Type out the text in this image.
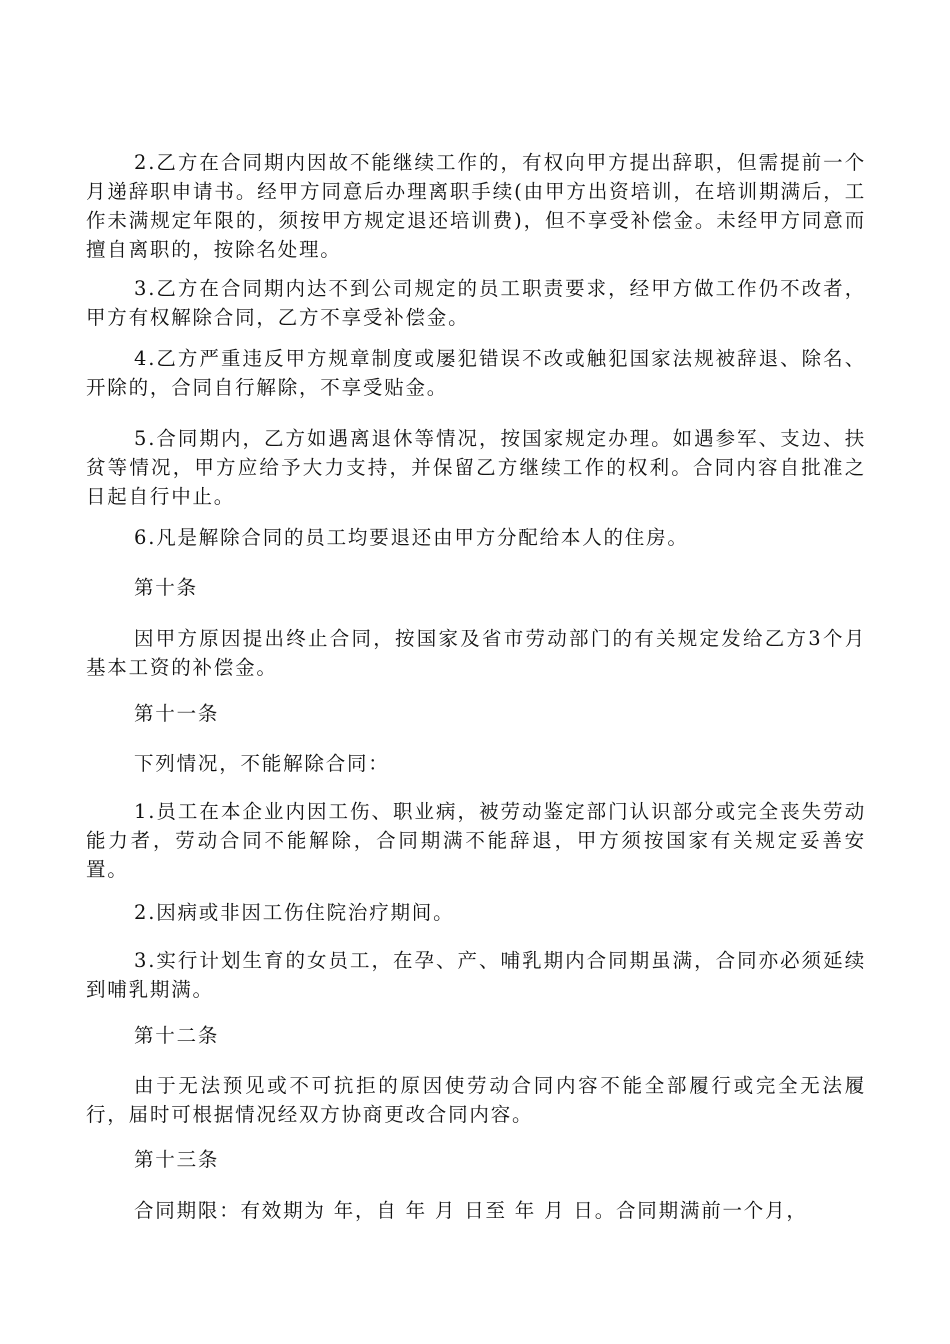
2.乙方在合同期内因故不能继续工作的，有权向甲方提出辞职，但需提前一个月递辞职申请书。经甲方同意后办理离职手续(由甲方出资培训，在培训期满后，工作未满规定年限的，须按甲方规定退还培训费)，但不享受补偿金。未经甲方同意而擅自离职的，按除名处理。

3.乙方在合同期内达不到公司规定的员工职责要求，经甲方做工作仍不改者，甲方有权解除合同，乙方不享受补偿金。

4.乙方严重违反甲方规章制度或屡犯错误不改或触犯国家法规被辞退、除名、开除的，合同自行解除，不享受贴金。

5.合同期内，乙方如遇离退休等情况，按国家规定办理。如遇参军、支边、扶贫等情况，甲方应给予大力支持，并保留乙方继续工作的权利。合同内容自批准之日起自行中止。

6.凡是解除合同的员工均要退还由甲方分配给本人的住房。

第十条

因甲方原因提出终止合同，按国家及省市劳动部门的有关规定发给乙方3个月基本工资的补偿金。

第十一条

下列情况，不能解除合同：

1.员工在本企业内因工伤、职业病，被劳动鉴定部门认识部分或完全丧失劳动能力者，劳动合同不能解除，合同期满不能辞退，甲方须按国家有关规定妥善安置。

2.因病或非因工伤住院治疗期间。

3.实行计划生育的女员工，在孕、产、哺乳期内合同期虽满，合同亦必须延续到哺乳期满。

第十二条

由于无法预见或不可抗拒的原因使劳动合同内容不能全部履行或完全无法履行，届时可根据情况经双方协商更改合同内容。

第十三条

合同期限：有效期为 年，自 年 月 日至 年 月 日。合同期满前一个月，
